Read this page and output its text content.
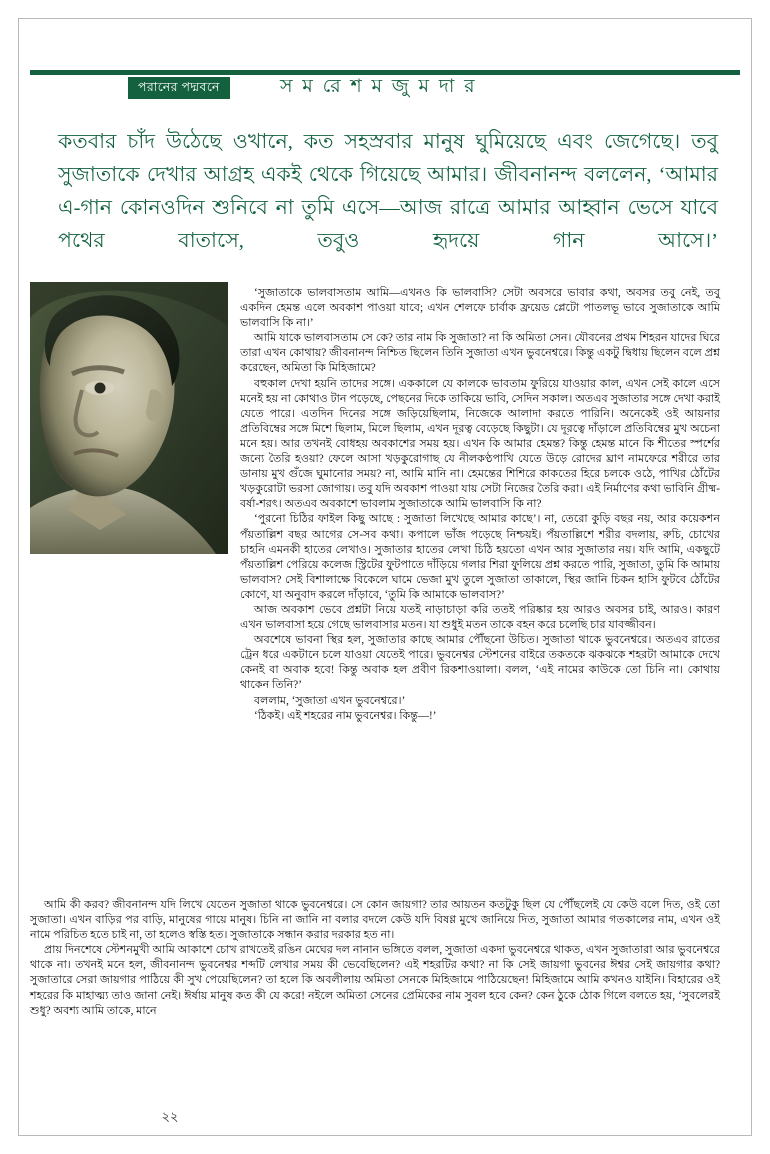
পরানের পদ্মবনে	স ম রে শ ম জু ম দা র
কতবার চাঁদ উঠেছে ওখানে, কত সহস্রবার মানুষ ঘুমিয়েছে এবং জেগেছে। তবু সুজাতাকে দেখার আগ্রহ একই থেকে গিয়েছে আমার। জীবনানন্দ বললেন, ‘আমার এ-গান কোনওদিন শুনিবে না তুমি এসে—আজ রাত্রে আমার আহ্বান ভেসে যাবে পথের বাতাসে, তবুও হৃদয়ে গান আসে।’

‘সুজাতাকে ভালবাসতাম আমি—এখনও কি ভালবাসি? সেটা অবসরে ভাবার কথা, অবসর তবু নেই, তবু একদিন হেমন্ত এলে অবকাশ পাওয়া যাবে; এখন শেলফে চার্বাক ফ্রয়েড প্লেটো পাতলভূ ভাবে সুজাতাকে আমি ভালবাসি কি না।’

আমি যাকে ভালবাসতাম সে কে? তার নাম কি সুজাতা? না কি অমিতা সেন। যৌবনের প্রথম শিহরন যাদের ঘিরে তারা এখন কোথায়? জীবনানন্দ নিশ্চিত ছিলেন তিনি সুজাতা এখন ভুবনেশ্বরে। কিন্তু একটু দ্বিধায় ছিলেন বলে প্রশ্ন করেছেন, অমিতা কি মিহিজামে?

বহুকাল দেখা হয়নি তাদের সঙ্গে। এককালে যে কালকে ভাবতাম ফুরিয়ে যাওয়ার কাল, এখন সেই কালে এসে মনেই হয় না কোথাও টান পড়েছে, পেছনের দিকে তাকিয়ে ভাবি, সেদিন সকাল। অতএব সুজাতার সঙ্গে দেখা করাই যেতে পারে। এতদিন দিনের সঙ্গে জড়িয়েছিলাম, নিজেকে আলাদা করতে পারিনি। অনেকেই ওই আয়নার প্রতিবিম্বের সঙ্গে মিশে ছিলাম, মিলে ছিলাম, এখন দূরত্ব বেড়েছে কিছুটা। যে দূরত্বে দাঁড়ালে প্রতিবিম্বের মুখ অচেনা মনে হয়। আর তখনই বোধহয় অবকাশের সময় হয়। এখন কি আমার হেমন্ত? কিন্তু হেমন্ত মানে কি শীতের স্পর্শের জন্যে তৈরি হওয়া? ফেলে আসা খড়কুরোগাছ যে নীলকণ্ঠপাখি যেতে উড়ে রোদের ঘ্রাণ নামফেরে শরীরে তার ডানায় মুখ গুঁজে ঘুমানোর সময়? না, আমি মানি না। হেমন্তের শিশিরে কাকতের হিরে চলকে ওঠে, পাখির ঠোঁটের খড়কুরোটা ভরসা জোগায়। তবু যদি অবকাশ পাওয়া যায় সেটা নিজের তৈরি করা। এই নির্মাণের কথা ভাবিনি গ্রীষ্ম-বর্ষা-শরৎ। অতএব অবকাশে ভাবলাম সুজাতাকে আমি ভালবাসি কি না?

‘পুরনো চিঠির ফাইল কিছু আছে : সুজাতা লিখেছে আমার কাছে’। না, তেরো কুড়ি বছর নয়, আর কয়েকশন পঁয়তাল্লিশ বছর আগের সে-সব কথা। কপালে ভাঁজ পড়েছে নিশ্চয়ই। পঁয়তাল্লিশে শরীর বদলায়, রুচি, চোখের চাহনি এমনকী হাতের লেখাও। সুজাতার হাতের লেখা চিঠি হয়তো এখন আর সুজাতার নয়। যদি আমি, একছুটে পঁয়তাল্লিশ পেরিয়ে কলেজ স্ট্রিটের ফুটপাতে দাঁড়িয়ে গলার শিরা ফুলিয়ে প্রশ্ন করতে পারি, সুজাতা, তুমি কি আমায় ভালবাস? সেই বিশালাক্ষে বিকেলে ঘামে ভেজা মুখ তুলে সুজাতা তাকালে, স্থির জানি চিকন হাসি ফুটবে ঠোঁটের কোণে, যা অনুবাদ করলে দাঁড়াবে, ‘তুমি কি আমাকে ভালবাস?’

আজ অবকাশ ভেবে প্রশ্নটা নিয়ে যতই নাড়াচাড়া করি ততই পরিষ্কার হয় আরও অবসর চাই, আরও। কারণ এখন ভালবাসা হয়ে গেছে ভালবাসার মতন। যা শুধুই মতন তাকে বহন করে চলেছি চার যাবজ্জীবন।

অবশেষে ভাবনা স্থির হল, সুজাতার কাছে আমার পৌঁছনো উচিত। সুজাতা থাকে ভুবনেশ্বরে। অতএব রাতের ট্রেন ধরে একটানে চলে যাওয়া যেতেই পারে। ভুবনেশ্বর স্টেশনের বাইরে তকতকে ঝকঝকে শহরটা আমাকে দেখে কেনই বা অবাক হবে! কিন্তু অবাক হল প্রবীণ রিকশাওয়ালা। বলল, ‘এই নামের কাউকে তো চিনি না। কোথায় থাকেন তিনি?’

বললাম, ‘সুজাতা এখন ভুবনেশ্বরে।’

‘ঠিকই। এই শহরের নাম ভুবনেশ্বর। কিন্তু—!’

আমি কী করব? জীবনানন্দ যদি লিখে যেতেন সুজাতা থাকে ভুবনেশ্বরে। সে কোন জায়গা? তার আয়তন কতটুকু ছিল যে পৌঁছলেই যে কেউ বলে দিত, ওই তো সুজাতা। এখন বাড়ির পর বাড়ি, মানুষের গায়ে মানুষ। চিনি না জানি না বলার বদলে কেউ যদি বিষণ্ণ মুখে জানিয়ে দিত, সুজাতা আমার গতকালের নাম, এখন ওই নামে পরিচিত হতে চাই না, তা হলেও স্বস্তি হত। সুজাতাকে সন্ধান করার দরকার হত না।

প্রায় দিনশেষে স্টেশনমুখী আমি আকাশে চোখ রাখতেই রঙিন মেঘের দল নানান ভঙ্গিতে বলল, সুজাতা একদা ভুবনেশ্বরে থাকত, এখন সুজাতারা আর ভুবনেশ্বরে থাকে না। তখনই মনে হল, জীবনানন্দ ভুবনেশ্বর শব্দটি লেখার সময় কী ভেবেছিলেন? এই শহরটির কথা? না কি সেই জায়গা ভুবনের ঈশ্বর সেই জায়গার কথা? সুজাতারে সেরা জায়গার পাঠিয়ে কী সুখ পেয়েছিলেন? তা হলে কি অবলীলায় অমিতা সেনকে মিহিজামে পাঠিয়েছেন! মিহিজামে আমি কখনও যাইনি। বিহারের ওই শহরের কি মাহাত্ম্য তাও জানা নেই। ঈর্ষায় মানুষ কত কী যে করে! নইলে অমিতা সেনের প্রেমিকের নাম সুবল হবে কেন? কেন ঠুকে ঠোক গিলে বলতে হয়, ‘সুবলেরই শুধু? অবশ্য আমি তাকে, মানে

২২
